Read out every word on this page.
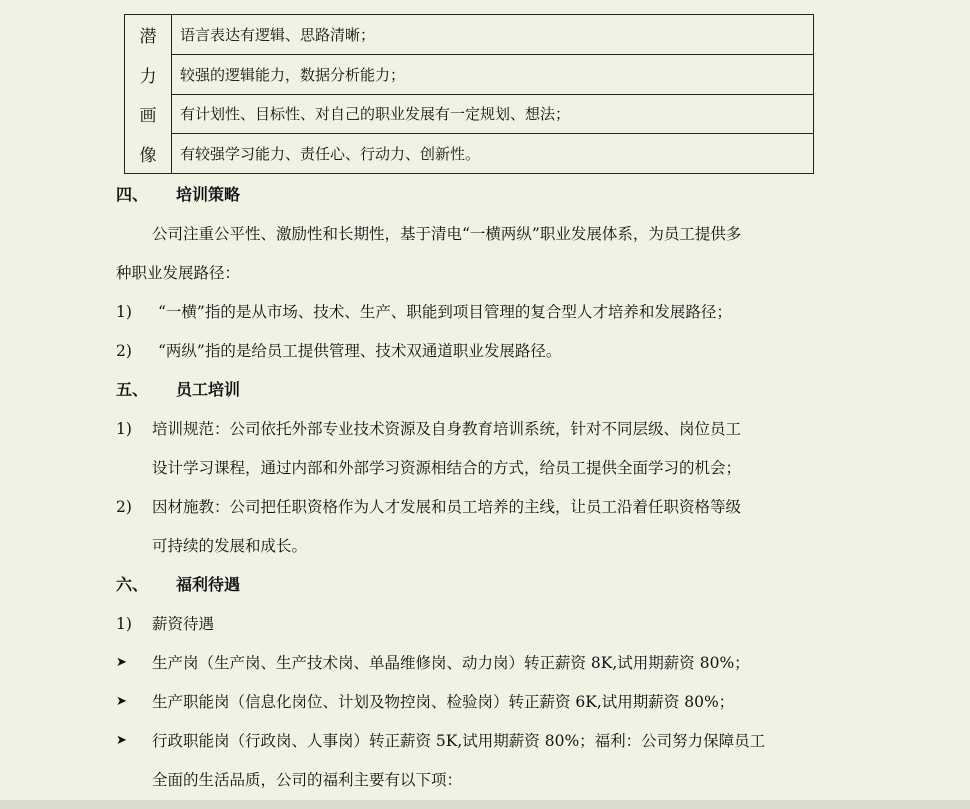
潜
力
画
像
语言表达有逻辑、思路清晰；
较强的逻辑能力，数据分析能力；
有计划性、目标性、对自己的职业发展有一定规划、想法；
有较强学习能力、责任心、行动力、创新性。
四、 培训策略
公司注重公平性、激励性和长期性，基于清电“一横两纵”职业发展体系，为员工提供多
种职业发展路径：
1) “一横”指的是从市场、技术、生产、职能到项目管理的复合型人才培养和发展路径；
2) “两纵”指的是给员工提供管理、技术双通道职业发展路径。
五、 员工培训
1) 培训规范：公司依托外部专业技术资源及自身教育培训系统，针对不同层级、岗位员工
设计学习课程，通过内部和外部学习资源相结合的方式，给员工提供全面学习的机会；
2) 因材施教：公司把任职资格作为人才发展和员工培养的主线，让员工沿着任职资格等级
可持续的发展和成长。
六、 福利待遇
1) 薪资待遇
➤ 生产岗（生产岗、生产技术岗、单晶维修岗、动力岗）转正薪资 8K,试用期薪资 80%；
➤ 生产职能岗（信息化岗位、计划及物控岗、检验岗）转正薪资 6K,试用期薪资 80%；
➤ 行政职能岗（行政岗、人事岗）转正薪资 5K,试用期薪资 80%；福利：公司努力保障员工
全面的生活品质，公司的福利主要有以下项：
